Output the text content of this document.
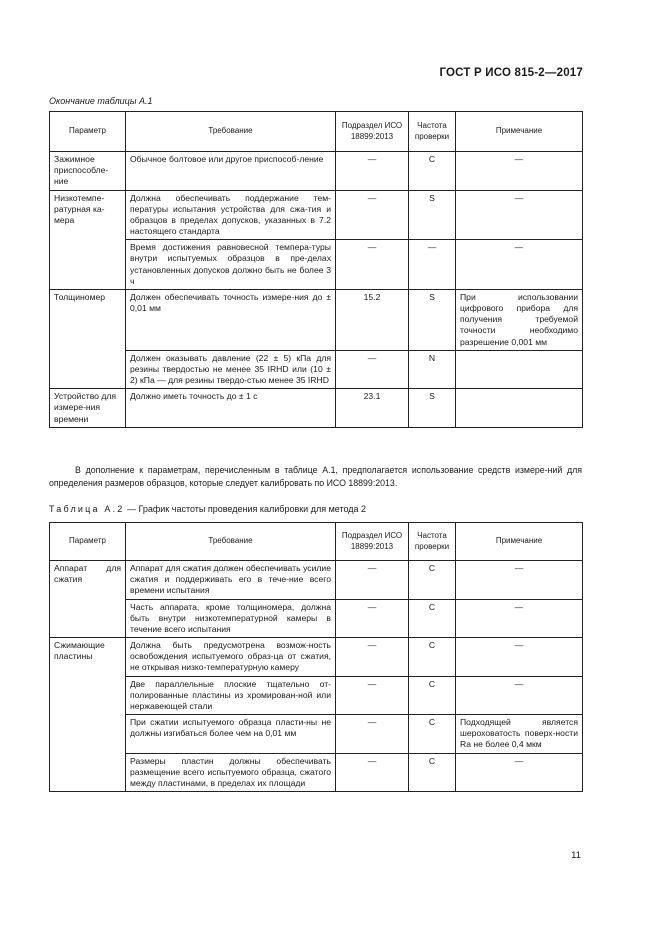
ГОСТ Р ИСО 815-2—2017
Окончание таблицы А.1
Параметр	Требование	Подраздел ИСО 18899:2013	Частота проверки	Примечание
Зажимное приспособле-ние	Обычное болтовое или другое приспособ-ление	—	C	—
Низкотемпе-ратурная ка-мера	Должна обеспечивать поддержание тем-пературы испытания устройства для сжа-тия и образцов в пределах допусков, указанных в 7.2 настоящего стандарта	—	S	—
	Время достижения равновесной темпера-туры внутри испытуемых образцов в пре-делах установленных допусков должно быть не более 3 ч	—	—	—
Толщиномер	Должен обеспечивать точность измере-ния до ± 0,01 мм	15.2	S	При использовании цифрового прибора для получения требуемой точности необходимо разрешение 0,001 мм
	Должен оказывать давление (22 ± 5) кПа для резины твердостью не менее 35 IRHD или (10 ± 2) кПа — для резины твердо-стью менее 35 IRHD	—	N	
Устройство для измере-ния времени	Должно иметь точность до ± 1 с	23.1	S	

В дополнение к параметрам, перечисленным в таблице А.1, предполагается использование средств измере-ний для определения размеров образцов, которые следует калибровать по ИСО 18899:2013.

Таблица А.2 — График частоты проведения калибровки для метода 2
Параметр	Требование	Подраздел ИСО 18899:2013	Частота проверки	Примечание
Аппарат для сжатия	Аппарат для сжатия должен обеспечивать усилие сжатия и поддерживать его в тече-ние всего времени испытания	—	C	—
	Часть аппарата, кроме толщиномера, должна быть внутри низкотемпературной камеры в течение всего испытания	—	C	—
Сжимающие пластины	Должна быть предусмотрена возмож-ность освобождения испытуемого образ-ца от сжатия, не открывая низко-температурную камеру	—	C	—
	Две параллельные плоские тщательно от-полированные пластины из хромирован-ной или нержавеющей стали	—	C	—
	При сжатии испытуемого образца пласти-ны не должны изгибаться более чем на 0,01 мм	—	C	Подходящей является шероховатость поверх-ности Ra не более 0,4 мкм
	Размеры пластин должны обеспечивать размещение всего испытуемого образца, сжатого между пластинами, в пределах их площади	—	C	—
11
